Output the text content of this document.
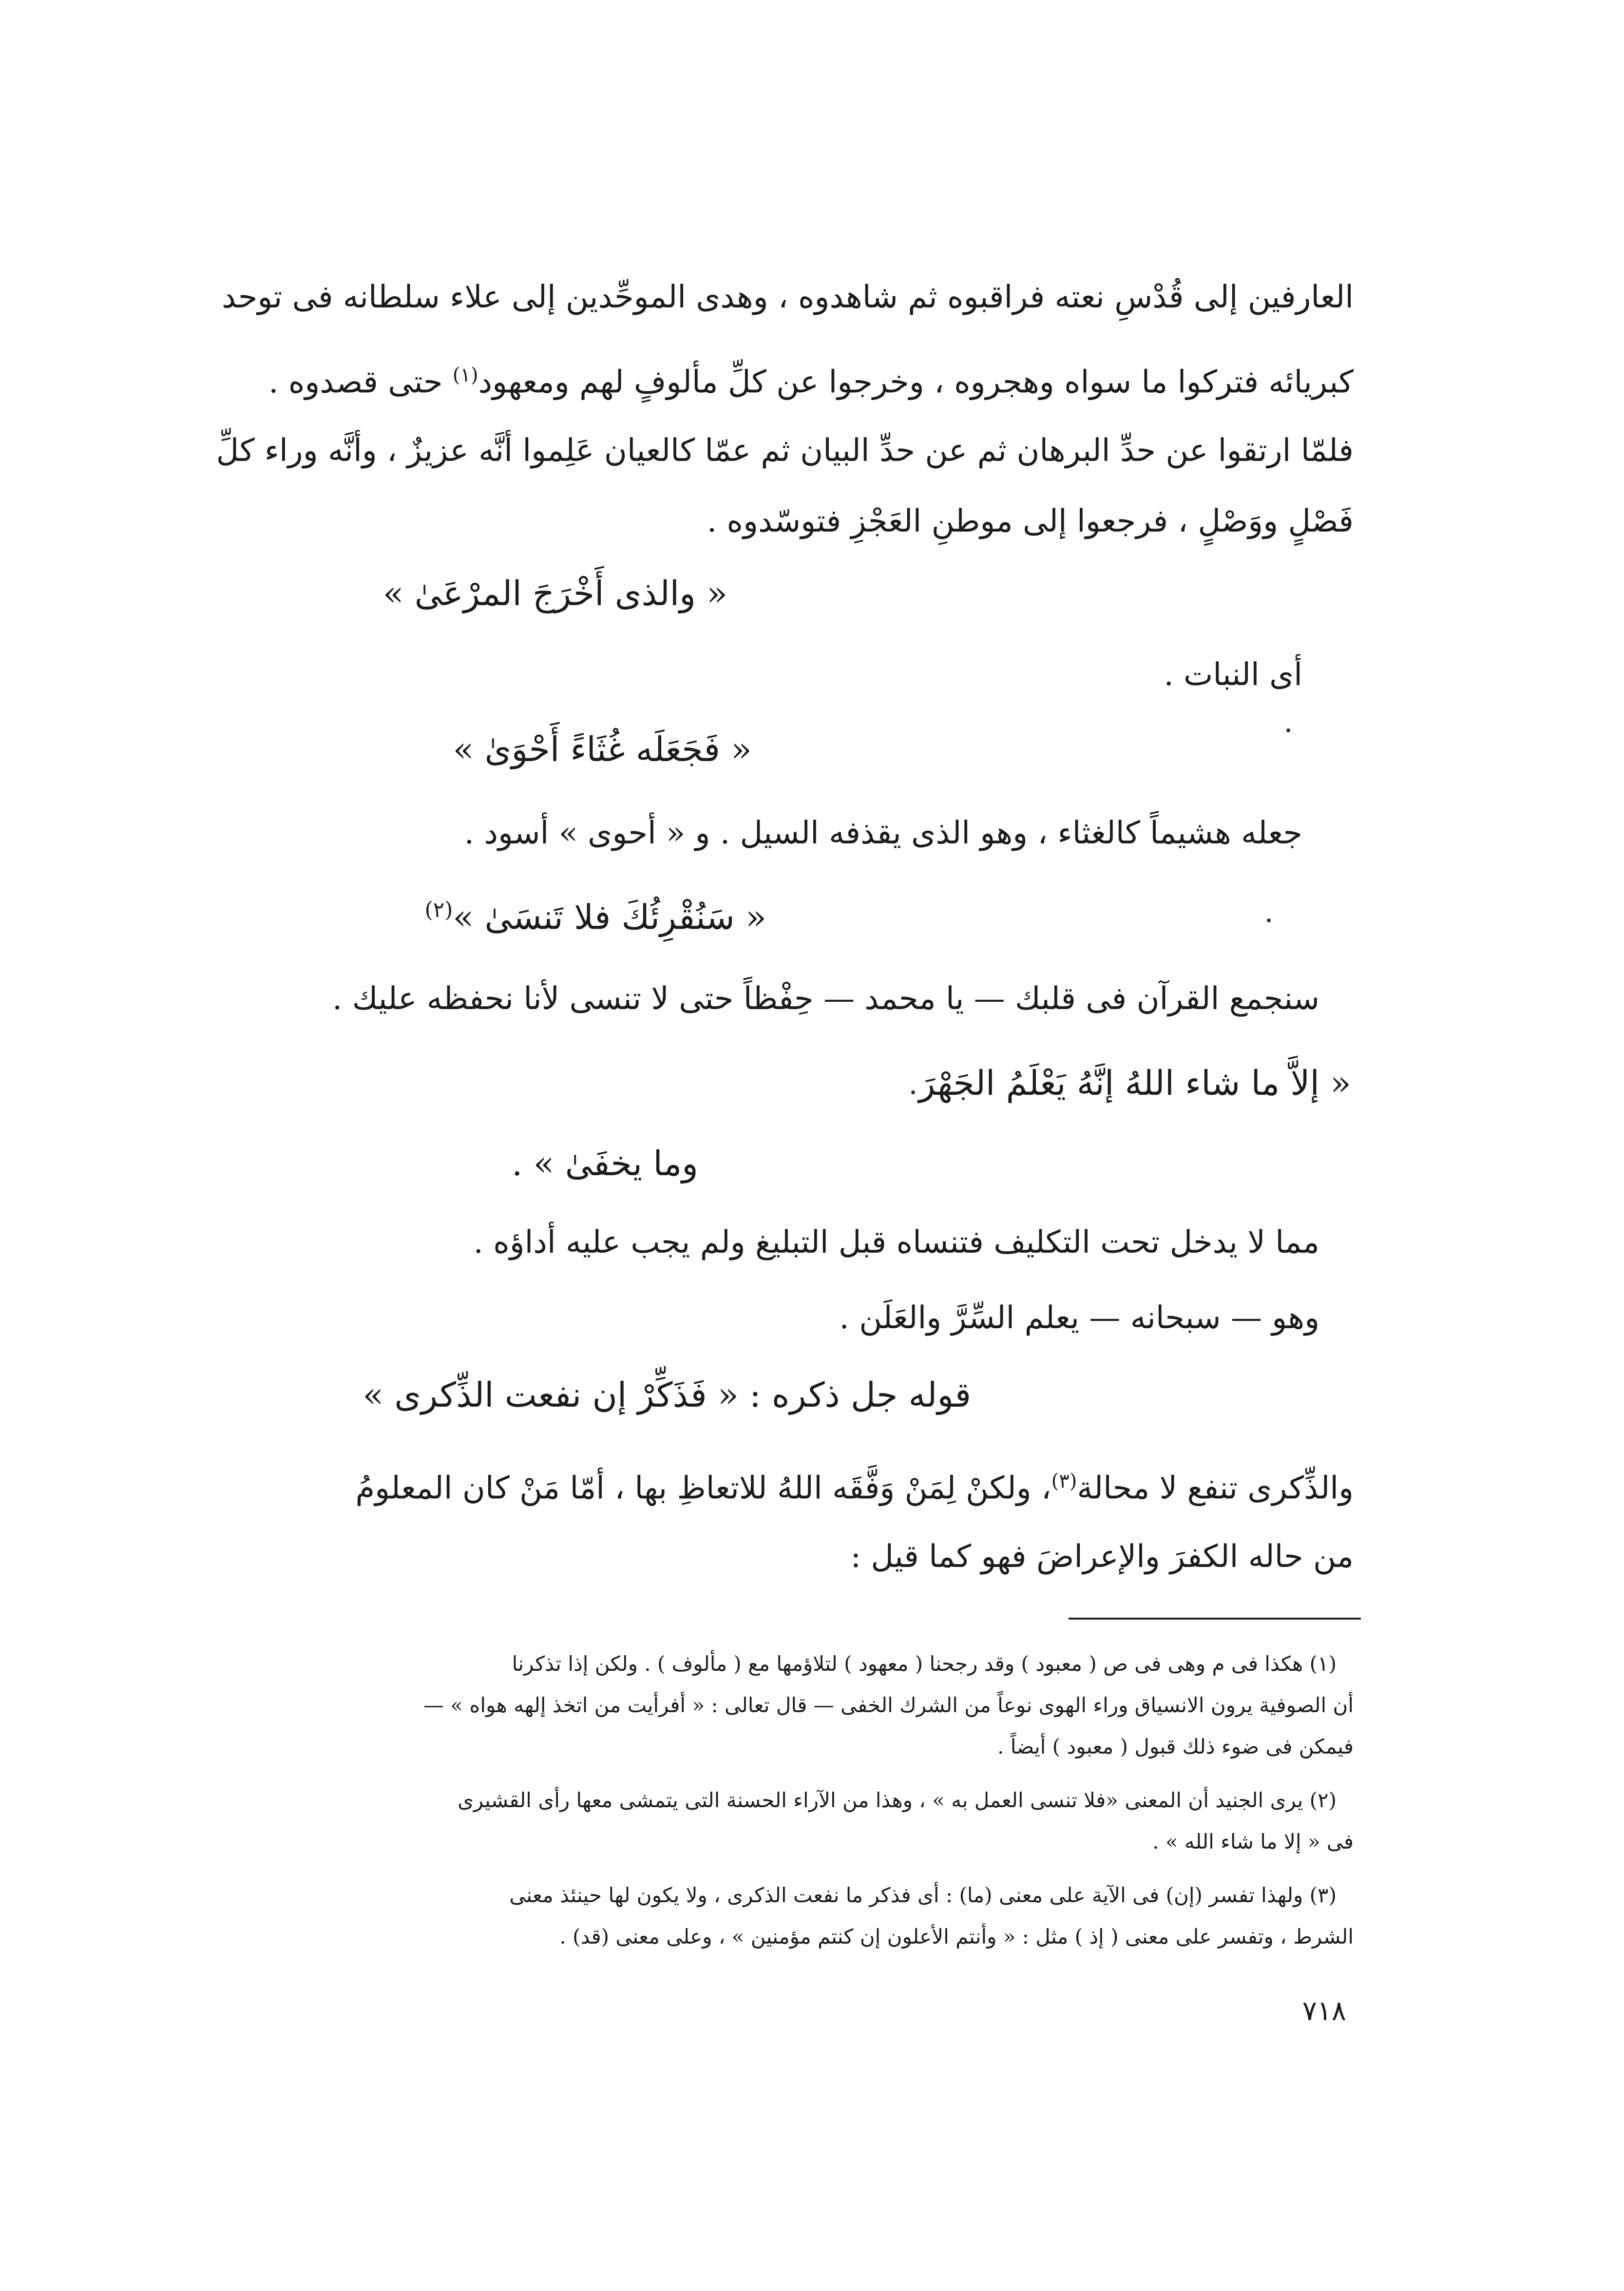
العارفين إلى قُدْسِ نعته فراقبوه ثم شاهدوه ، وهدى الموحِّدين إلى علاء سلطانه فى توحد
كبريائه فتركوا ما سواه وهجروه ، وخرجوا عن كلِّ مألوفٍ لهم ومعهود$^{(١)}$ حتى قصدوه .
فلمّا ارتقوا عن حدِّ البرهان ثم عن حدِّ البيان ثم عمّا كالعيان عَلِموا أنَّه عزيزٌ ، وأنَّه وراء كلِّ
فَصْلٍ ووَصْلٍ ، فرجعوا إلى موطنِ العَجْزِ فتوسّدوه .
« والذى أَخْرَجَ المرْعَىٰ »
أى النبات .
« فَجَعَلَه غُثَاءً أَحْوَىٰ »
جعله هشيماً كالغثاء ، وهو الذى يقذفه السيل . و « أحوى » أسود .
« سَنُقْرِئُكَ فلا تَنسَىٰ »$^{(٢)}$
سنجمع القرآن فى قلبك — يا محمد — حِفْظاً حتى لا تنسى لأنا نحفظه عليك .
« إلاَّ ما شاء اللهُ إنَّهُ يَعْلَمُ الجَهْرَ
وما يخفَىٰ » .
مما لا يدخل تحت التكليف فتنساه قبل التبليغ ولم يجب عليه أداؤه .
وهو — سبحانه — يعلم السِّرَّ والعَلَن .
قوله جل ذكره : « فَذَكِّرْ إن نفعت الذِّكرى »
والذِّكرى تنفع لا محالة$^{(٣)}$، ولكنْ لِمَنْ وَفَّقَه اللهُ للاتعاظِ بها ، أمّا مَنْ كان المعلومُ
من حاله الكفرَ والإعراضَ فهو كما قيل :
(١) هكذا فى م وهى فى ص ( معبود ) وقد رجحنا ( معهود ) لتلاؤمها مع ( مألوف ) . ولكن إذا تذكرنا
أن الصوفية يرون الانسياق وراء الهوى نوعاً من الشرك الخفى — قال تعالى : « أفرأيت من اتخذ إلهه هواه » —
فيمكن فى ضوء ذلك قبول ( معبود ) أيضاً .
(٢) يرى الجنيد أن المعنى «فلا تنسى العمل به » ، وهذا من الآراء الحسنة التى يتمشى معها رأى القشيرى
فى « إلا ما شاء الله » .
(٣) ولهذا تفسر (إن) فى الآية على معنى (ما) : أى فذكر ما نفعت الذكرى ، ولا يكون لها حينئذ معنى
الشرط ، وتفسر على معنى ( إذ ) مثل : « وأنتم الأعلون إن كنتم مؤمنين » ، وعلى معنى (قد) .
٧١٨
